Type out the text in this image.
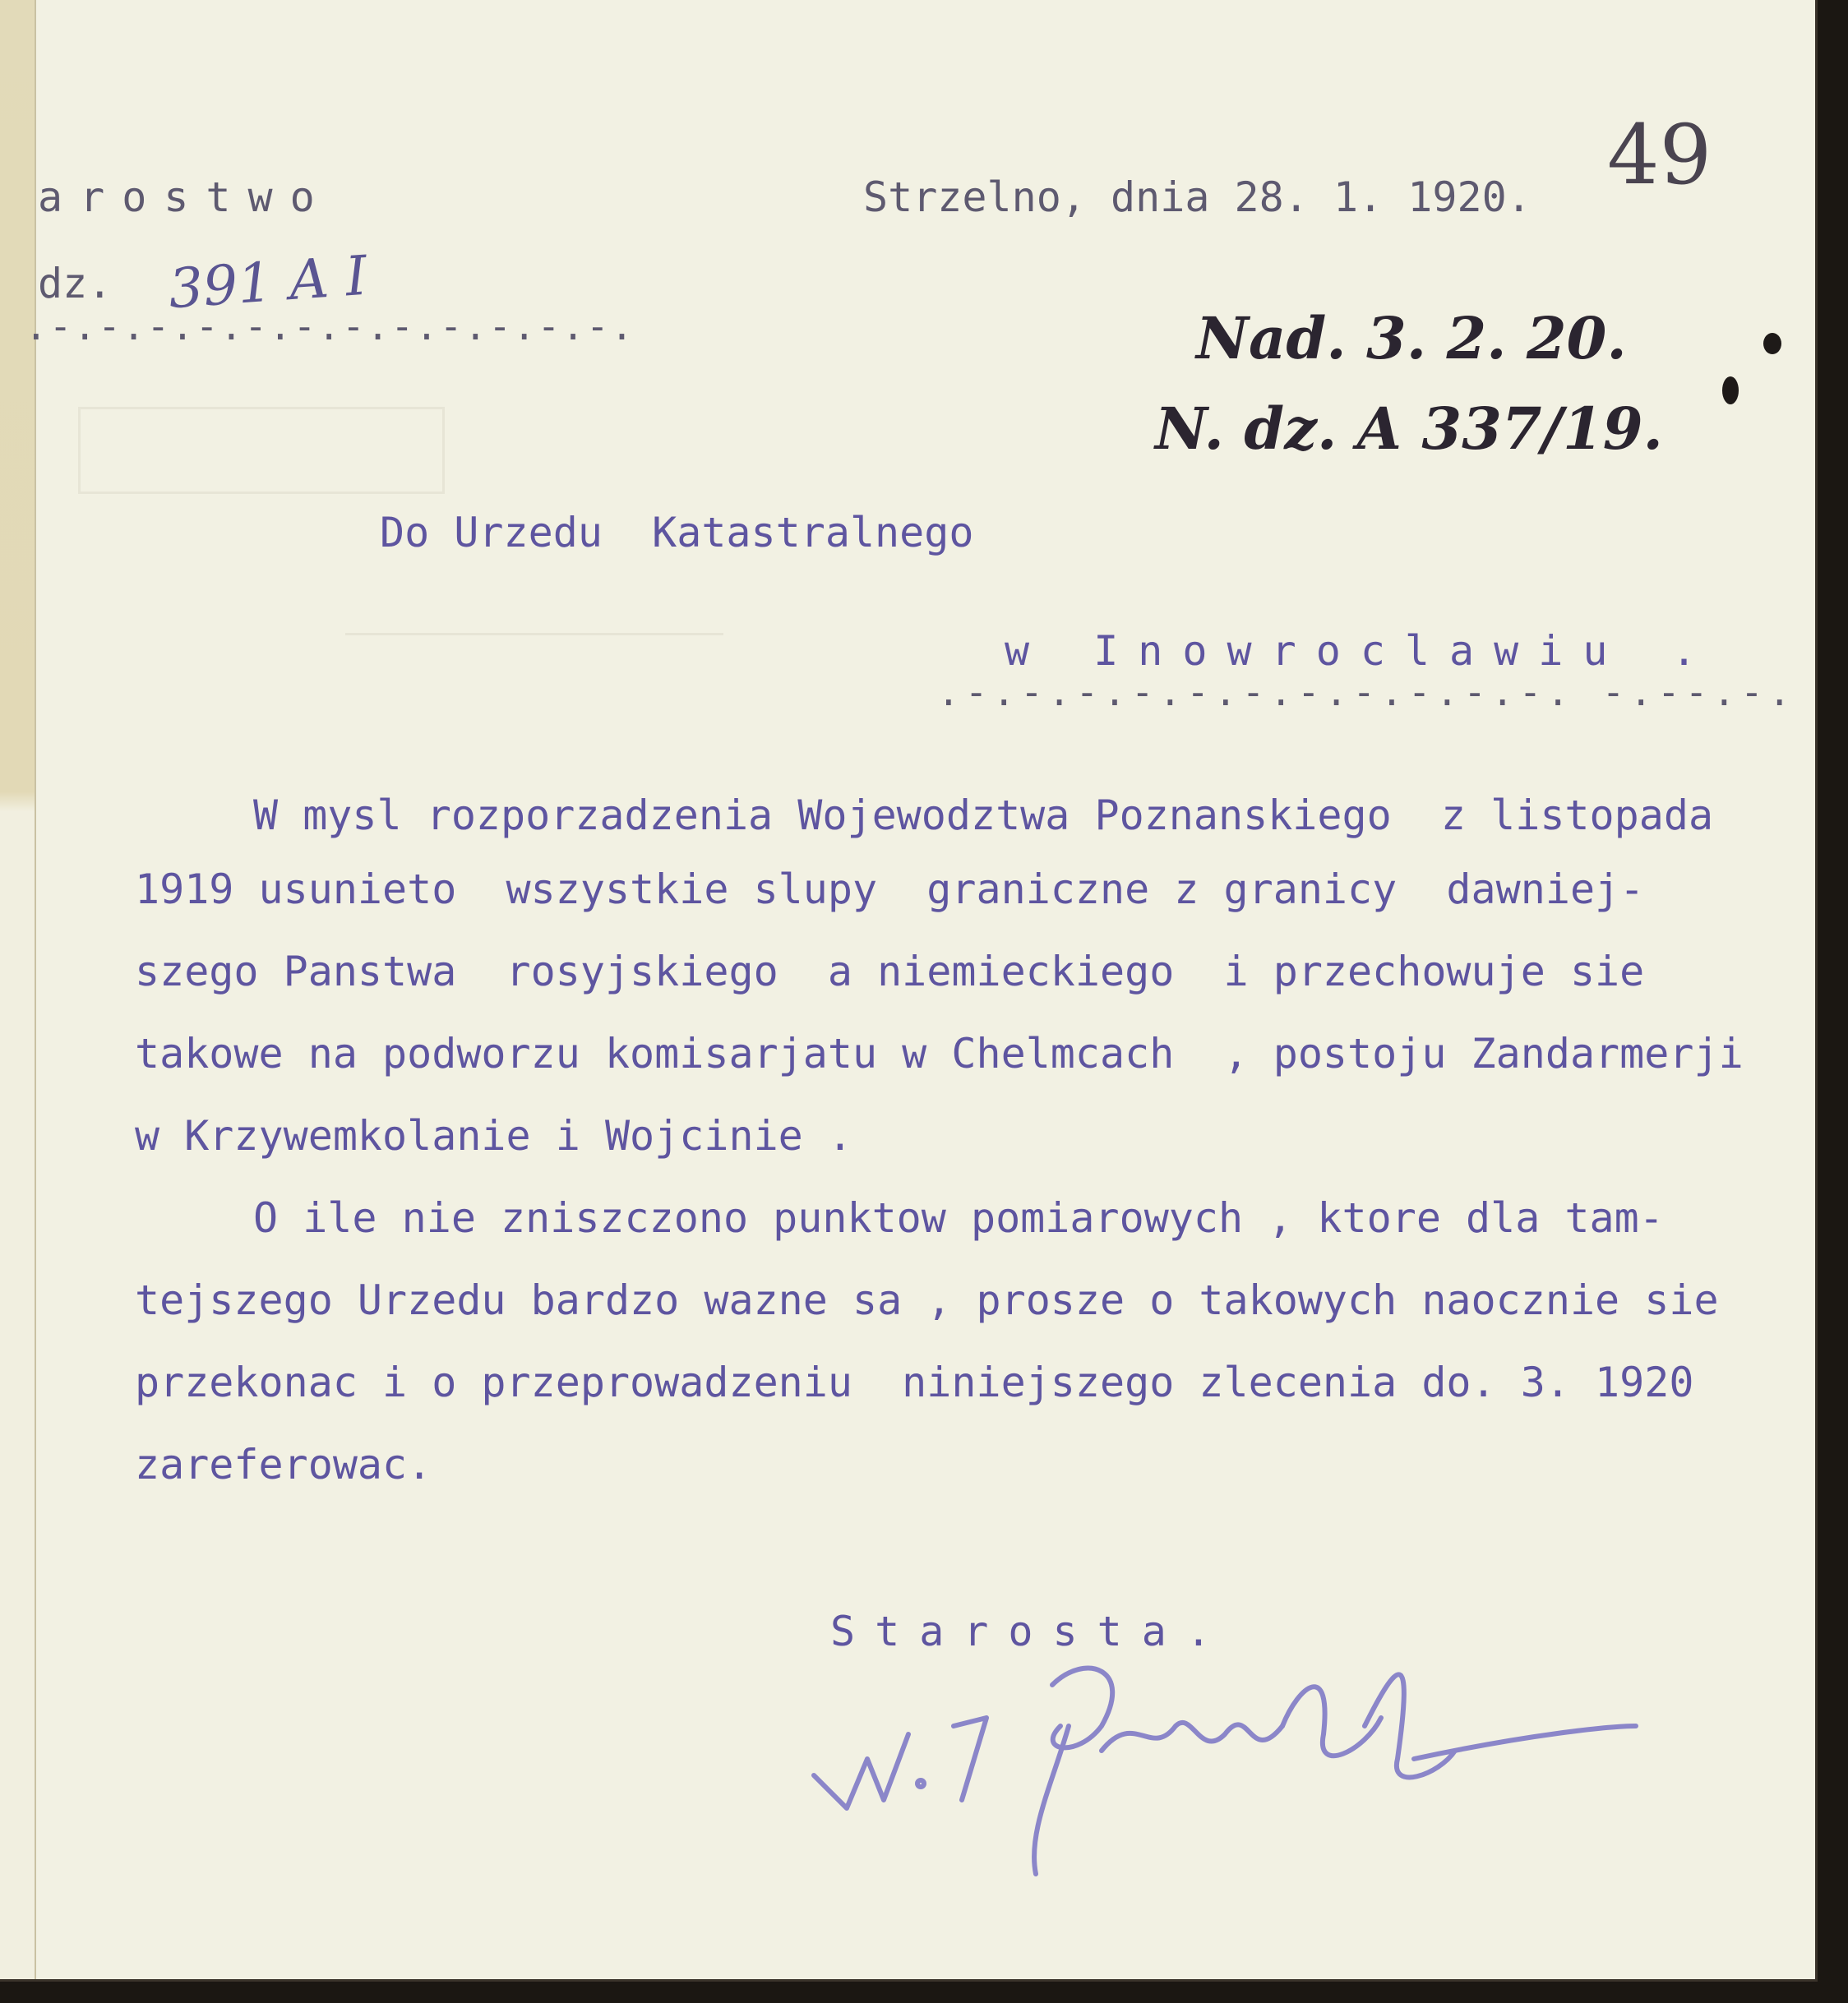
arostwo

dz. 391 A I

.-.-.-.-.-.-.-.-.-.-.-.-.

Strzelno, dnia 28. 1. 1920. 49

Nad. 3. 2. 20.

N. dz. A 337/19.

Do Urzedu  Katastralnego

w Inowroclawiu .

.-.-.-.-.-.-.-.-.-.-.-. -.--.-.

W mysl rozporzadzenia Wojewodztwa Poznanskiego  z listopada

1919 usunieto  wszystkie slupy  graniczne z granicy  dawniej-

szego Panstwa  rosyjskiego  a niemieckiego  i przechowuje sie

takowe na podworzu komisarjatu w Chelmcach  , postoju Zandarmerji

w Krzywemkolanie i Wojcinie .

O ile nie zniszczono punktow pomiarowych , ktore dla tam-

tejszego Urzedu bardzo wazne sa , prosze o takowych naocznie sie

przekonac i o przeprowadzeniu  niniejszego zlecenia do. 3. 1920

zareferowac.

Starosta.
